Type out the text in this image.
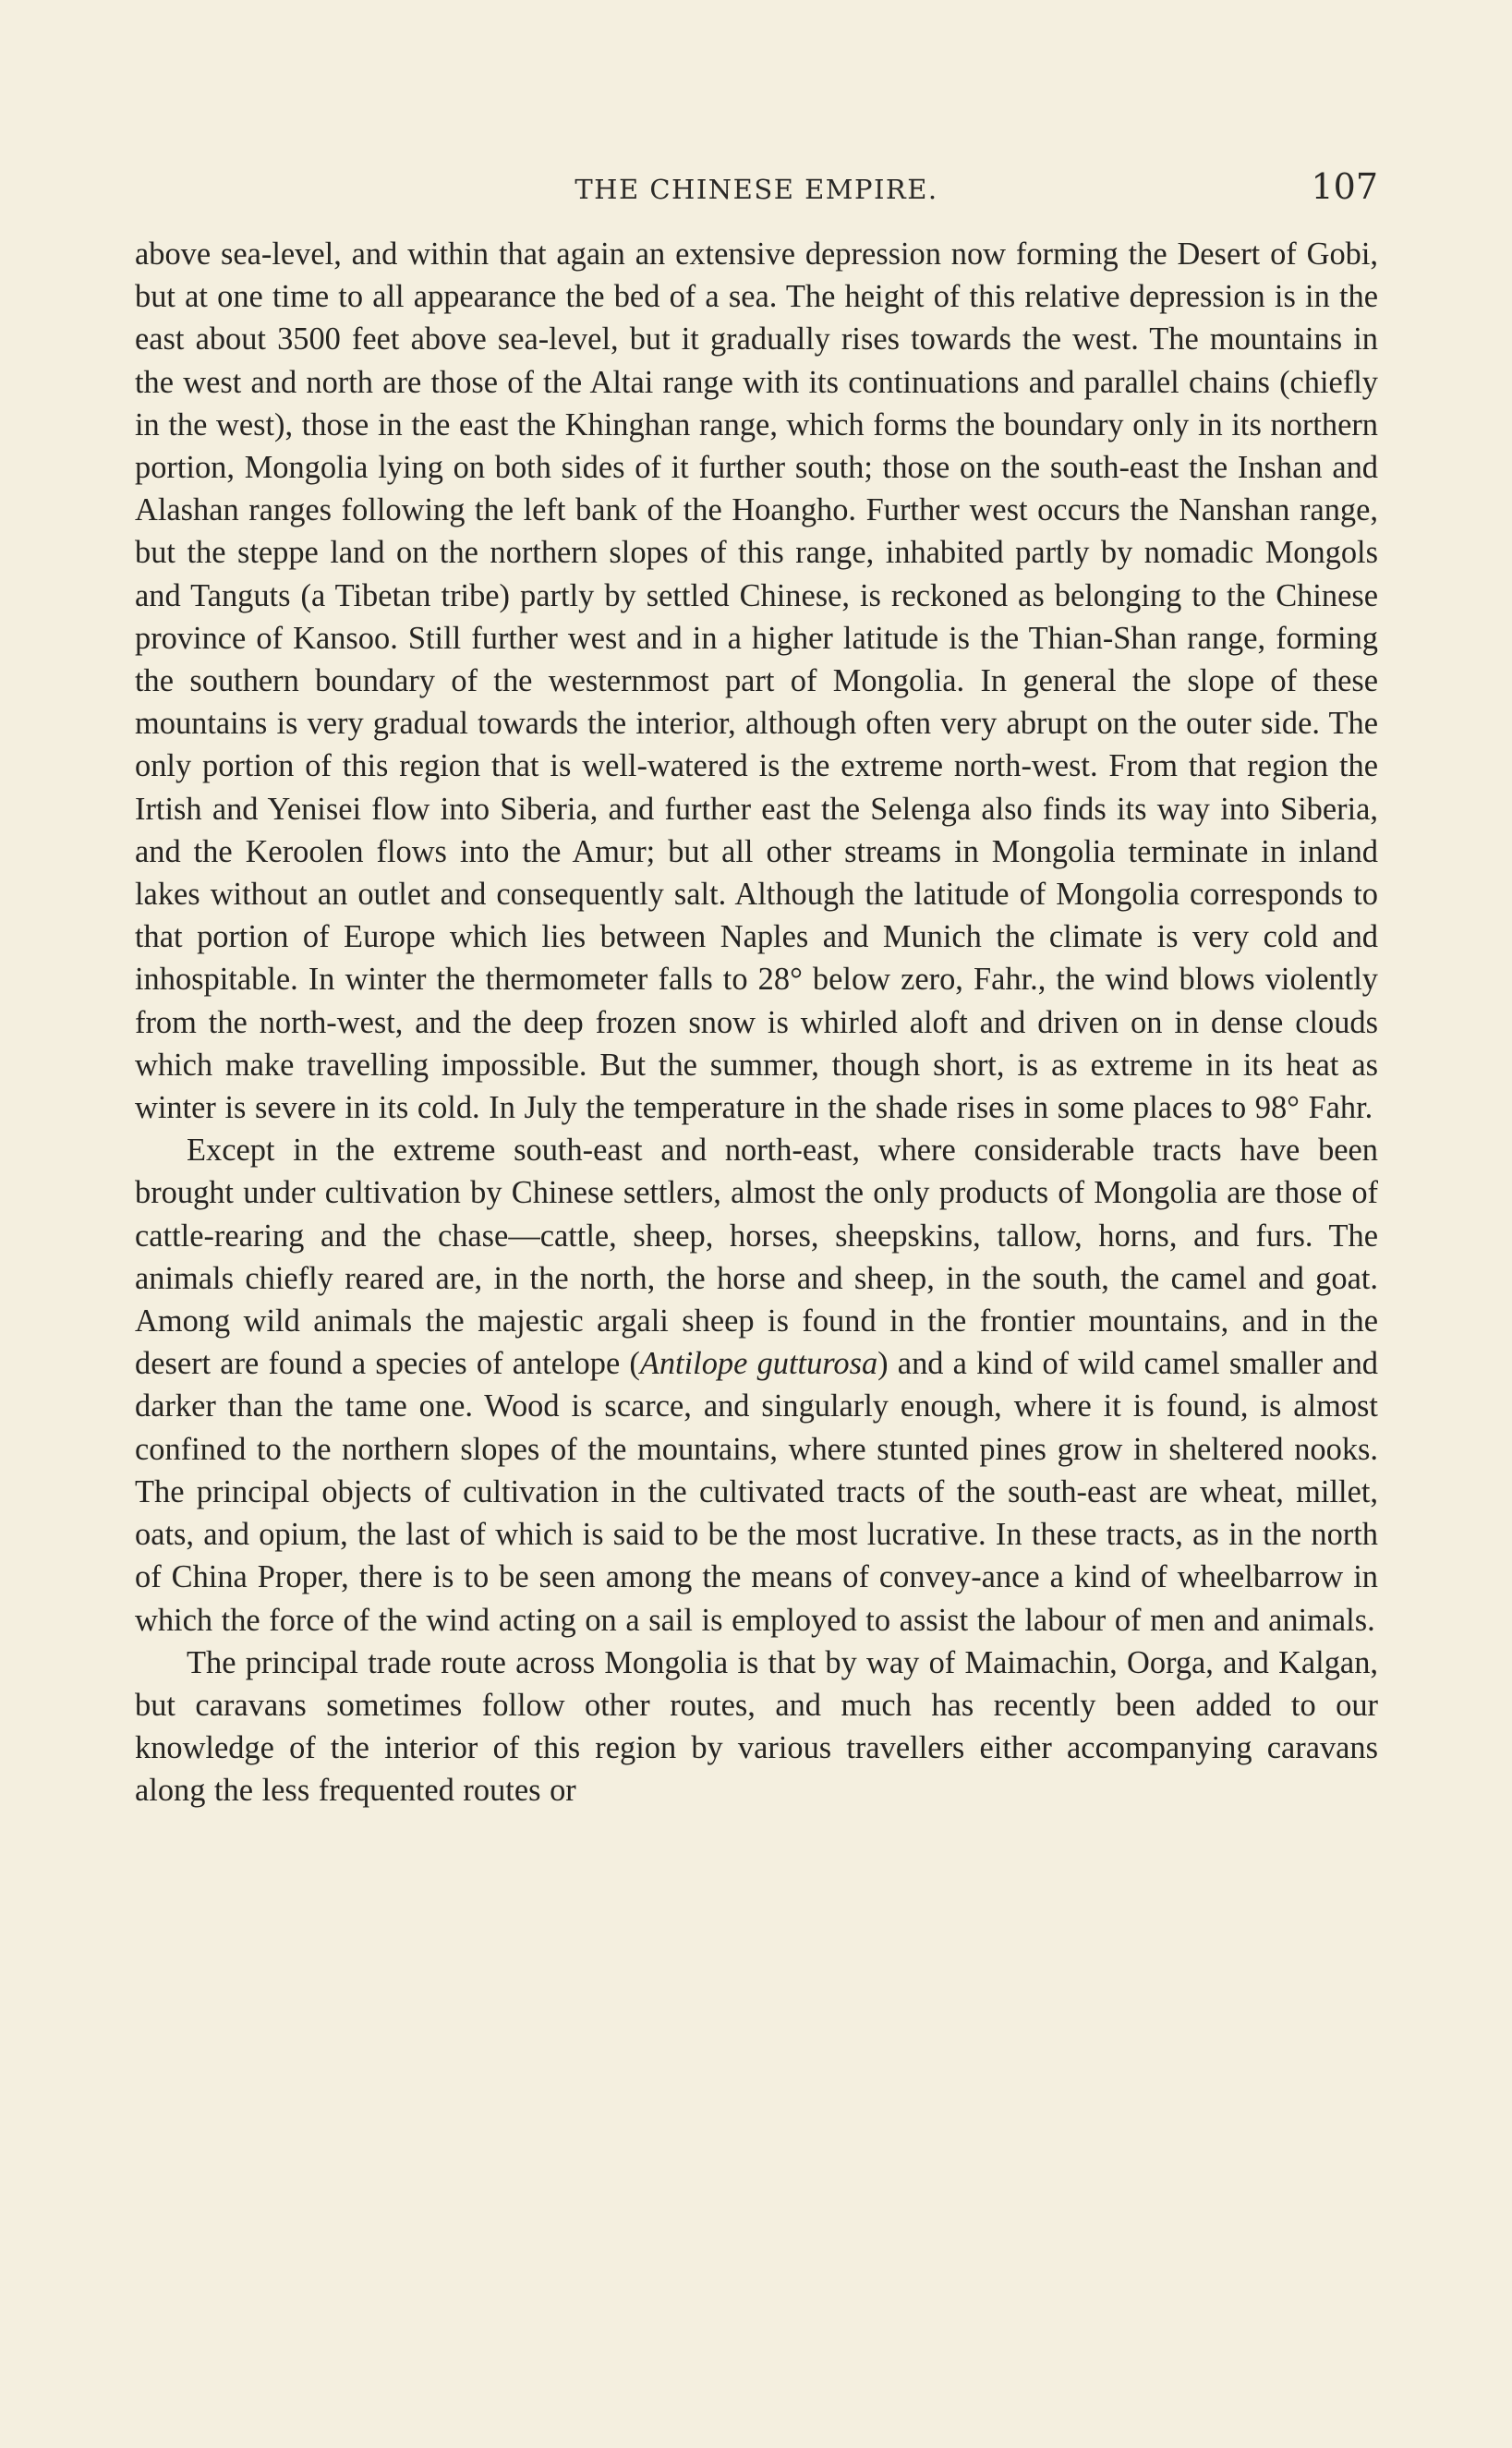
THE CHINESE EMPIRE.	107

above sea-level, and within that again an extensive depression now forming the Desert of Gobi, but at one time to all appearance the bed of a sea. The height of this relative depression is in the east about 3500 feet above sea-level, but it gradually rises towards the west. The mountains in the west and north are those of the Altai range with its continuations and parallel chains (chiefly in the west), those in the east the Khinghan range, which forms the boundary only in its northern portion, Mongolia lying on both sides of it further south; those on the south-east the Inshan and Alashan ranges following the left bank of the Hoangho. Further west occurs the Nanshan range, but the steppe land on the northern slopes of this range, inhabited partly by nomadic Mongols and Tanguts (a Tibetan tribe) partly by settled Chinese, is reckoned as belonging to the Chinese province of Kansoo. Still further west and in a higher latitude is the Thian-Shan range, forming the southern boundary of the westernmost part of Mongolia. In general the slope of these mountains is very gradual towards the interior, although often very abrupt on the outer side. The only portion of this region that is well-watered is the extreme north-west. From that region the Irtish and Yenisei flow into Siberia, and further east the Selenga also finds its way into Siberia, and the Keroolen flows into the Amur; but all other streams in Mongolia terminate in inland lakes without an outlet and consequently salt. Although the latitude of Mongolia corresponds to that portion of Europe which lies between Naples and Munich the climate is very cold and inhospitable. In winter the thermometer falls to 28° below zero, Fahr., the wind blows violently from the north-west, and the deep frozen snow is whirled aloft and driven on in dense clouds which make travelling impossible. But the summer, though short, is as extreme in its heat as winter is severe in its cold. In July the temperature in the shade rises in some places to 98° Fahr.

Except in the extreme south-east and north-east, where considerable tracts have been brought under cultivation by Chinese settlers, almost the only products of Mongolia are those of cattle-rearing and the chase—cattle, sheep, horses, sheepskins, tallow, horns, and furs. The animals chiefly reared are, in the north, the horse and sheep, in the south, the camel and goat. Among wild animals the majestic argali sheep is found in the frontier mountains, and in the desert are found a species of antelope (Antilope gutturosa) and a kind of wild camel smaller and darker than the tame one. Wood is scarce, and singularly enough, where it is found, is almost confined to the northern slopes of the mountains, where stunted pines grow in sheltered nooks. The principal objects of cultivation in the cultivated tracts of the south-east are wheat, millet, oats, and opium, the last of which is said to be the most lucrative. In these tracts, as in the north of China Proper, there is to be seen among the means of convey-ance a kind of wheelbarrow in which the force of the wind acting on a sail is employed to assist the labour of men and animals.

The principal trade route across Mongolia is that by way of Maimachin, Oorga, and Kalgan, but caravans sometimes follow other routes, and much has recently been added to our knowledge of the interior of this region by various travellers either accompanying caravans along the less frequented routes or
